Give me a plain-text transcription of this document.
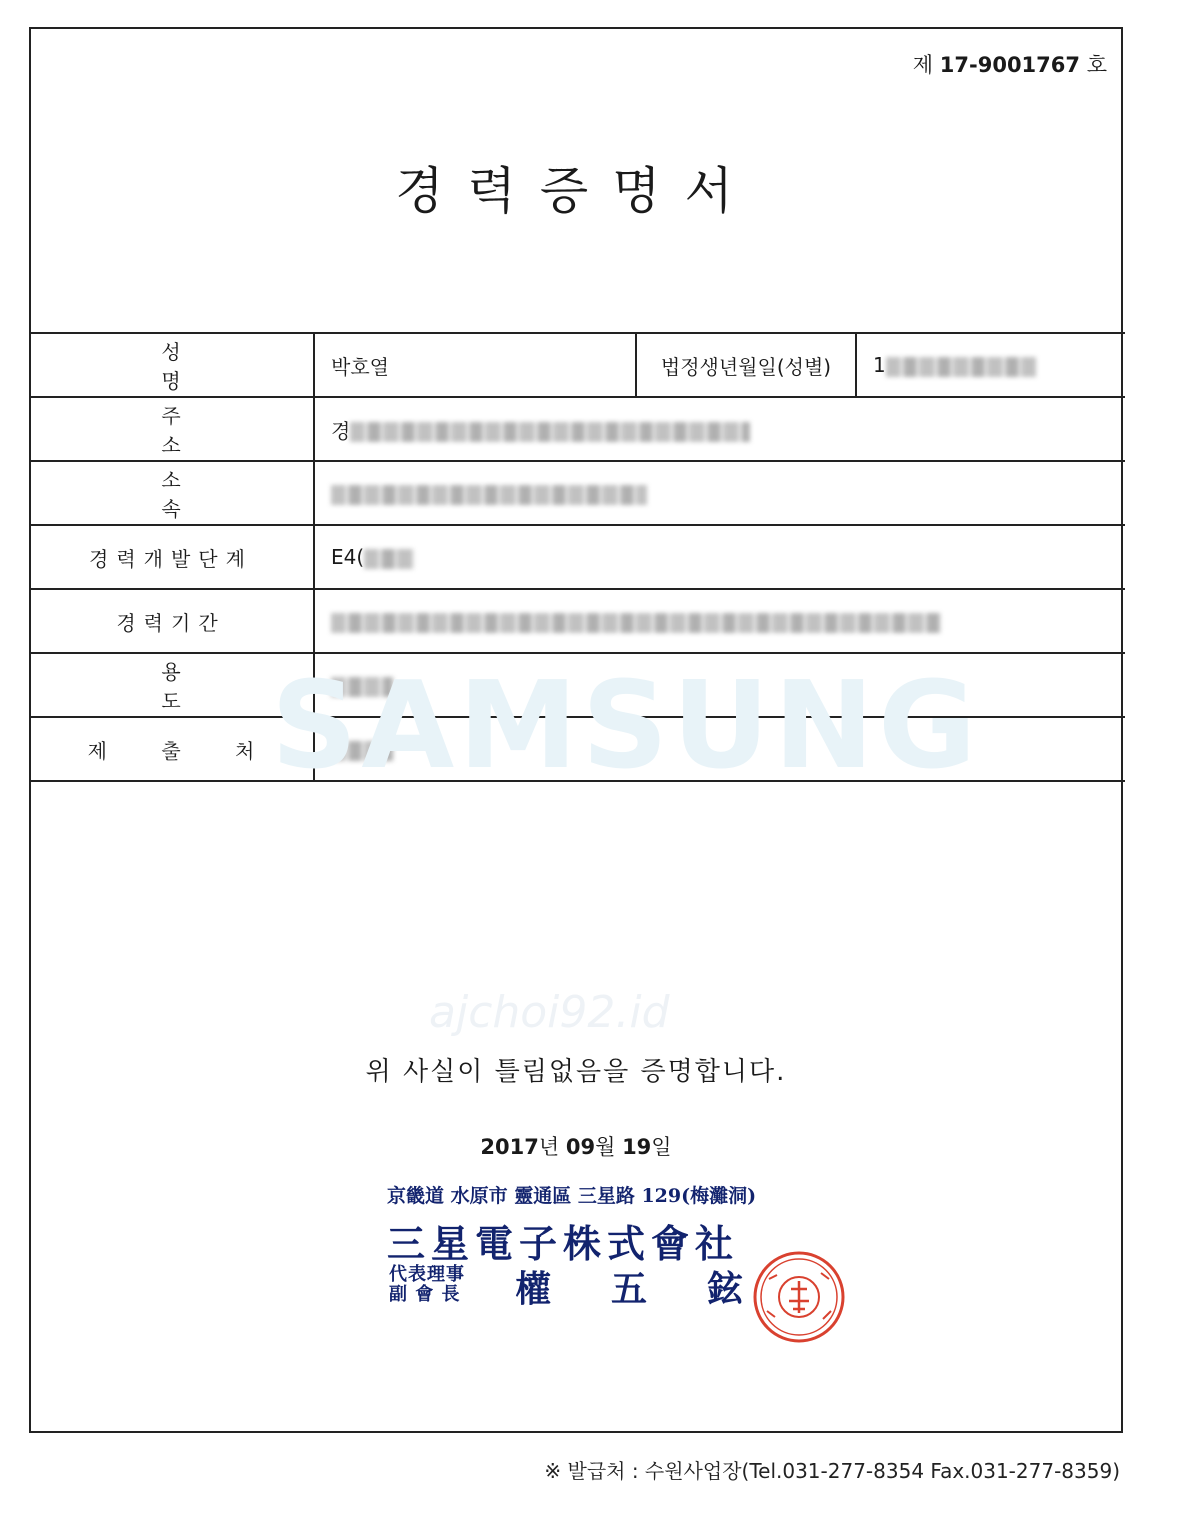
제 17-9001767 호
경력증명서
성 명	박호열	법정생년월일(성별)	1
주 소	경		
소 속			
경력개발단계	E4(		
경력기간			
용 도			
제 출 처			
SAMSUNG
ajchoi92.id
위 사실이 틀림없음을 증명합니다.
2017년 09월 19일
京畿道 水原市 靈通區 三星路 129(梅灘洞)
三星電子株式會社
代表理事
副 會 長 權五鉉
※ 발급처 : 수원사업장(Tel.031-277-8354 Fax.031-277-8359)
